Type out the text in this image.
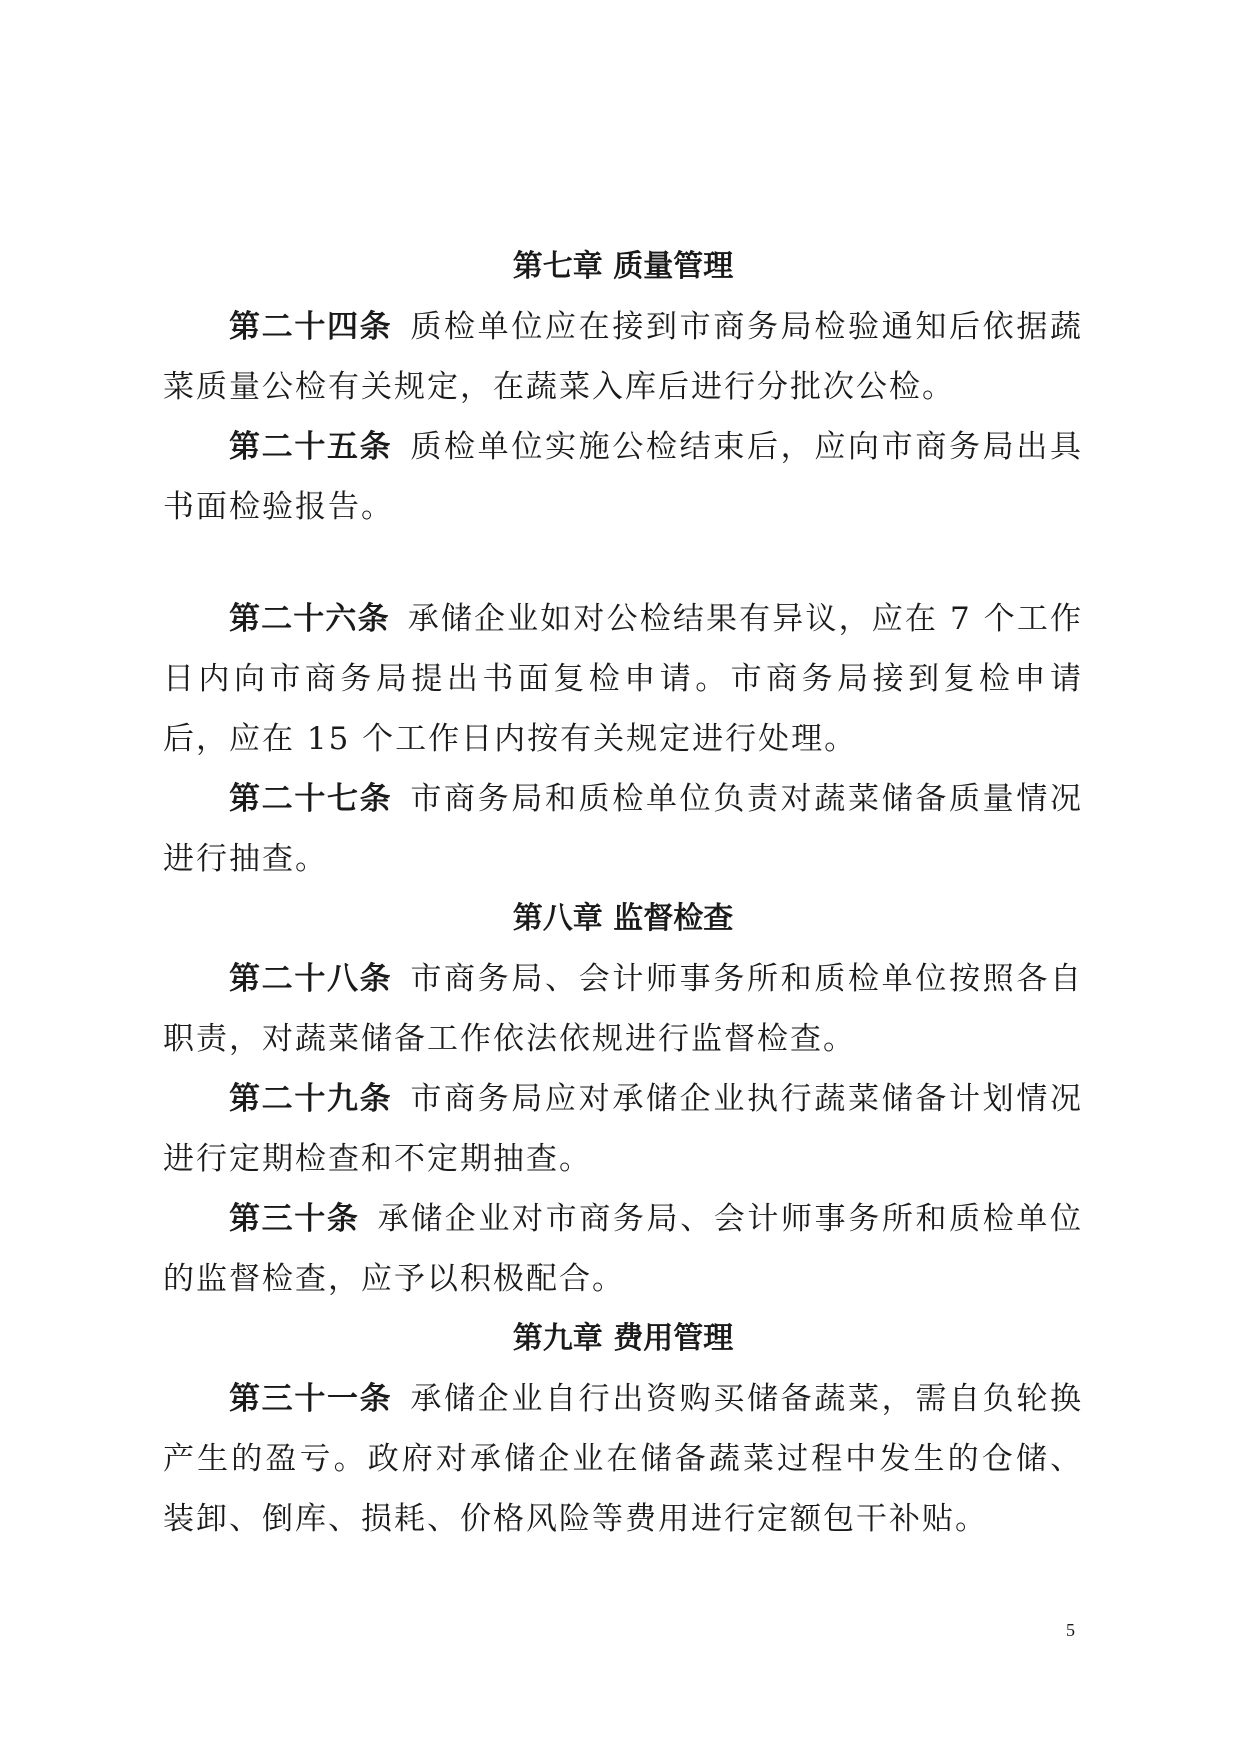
第七章 质量管理

第二十四条 质检单位应在接到市商务局检验通知后依据蔬菜质量公检有关规定，在蔬菜入库后进行分批次公检。

第二十五条 质检单位实施公检结束后，应向市商务局出具书面检验报告。

第二十六条 承储企业如对公检结果有异议，应在 7 个工作日内向市商务局提出书面复检申请。市商务局接到复检申请后，应在 15 个工作日内按有关规定进行处理。

第二十七条 市商务局和质检单位负责对蔬菜储备质量情况进行抽查。

第八章 监督检查

第二十八条 市商务局、会计师事务所和质检单位按照各自职责，对蔬菜储备工作依法依规进行监督检查。

第二十九条 市商务局应对承储企业执行蔬菜储备计划情况进行定期检查和不定期抽查。

第三十条 承储企业对市商务局、会计师事务所和质检单位的监督检查，应予以积极配合。

第九章 费用管理

第三十一条 承储企业自行出资购买储备蔬菜，需自负轮换产生的盈亏。政府对承储企业在储备蔬菜过程中发生的仓储、装卸、倒库、损耗、价格风险等费用进行定额包干补贴。

5
